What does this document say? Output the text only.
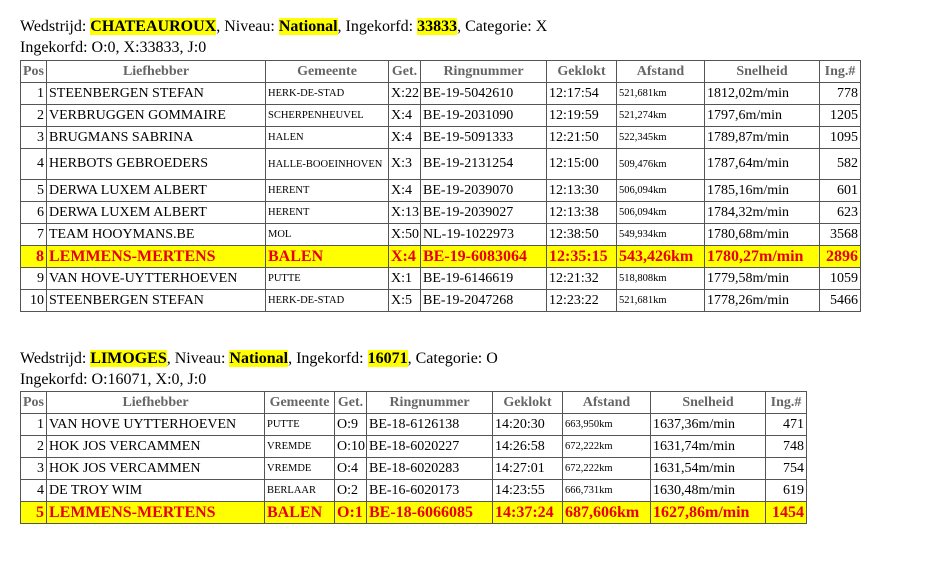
Wedstrijd: CHATEAUROUX, Niveau: National, Ingekorfd: 33833, Categorie: X
Ingekorfd: O:0, X:33833, J:0
Pos	Liefhebber	Gemeente	Get.	Ringnummer	Geklokt	Afstand	Snelheid	Ing.#
1	STEENBERGEN STEFAN	HERK-DE-STAD	X:22	BE-19-5042610	12:17:54	521,681km	1812,02m/min	778
2	VERBRUGGEN GOMMAIRE	SCHERPENHEUVEL	X:4	BE-19-2031090	12:19:59	521,274km	1797,6m/min	1205
3	BRUGMANS SABRINA	HALEN	X:4	BE-19-5091333	12:21:50	522,345km	1789,87m/min	1095
4	HERBOTS GEBROEDERS	HALLE-BOOEINHOVEN	X:3	BE-19-2131254	12:15:00	509,476km	1787,64m/min	582
5	DERWA LUXEM ALBERT	HERENT	X:4	BE-19-2039070	12:13:30	506,094km	1785,16m/min	601
6	DERWA LUXEM ALBERT	HERENT	X:13	BE-19-2039027	12:13:38	506,094km	1784,32m/min	623
7	TEAM HOOYMANS.BE	MOL	X:50	NL-19-1022973	12:38:50	549,934km	1780,68m/min	3568
8	LEMMENS-MERTENS	BALEN	X:4	BE-19-6083064	12:35:15	543,426km	1780,27m/min	2896
9	VAN HOVE-UYTTERHOEVEN	PUTTE	X:1	BE-19-6146619	12:21:32	518,808km	1779,58m/min	1059
10	STEENBERGEN STEFAN	HERK-DE-STAD	X:5	BE-19-2047268	12:23:22	521,681km	1778,26m/min	5466
Wedstrijd: LIMOGES, Niveau: National, Ingekorfd: 16071, Categorie: O
Ingekorfd: O:16071, X:0, J:0
Pos	Liefhebber	Gemeente	Get.	Ringnummer	Geklokt	Afstand	Snelheid	Ing.#
1	VAN HOVE UYTTERHOEVEN	PUTTE	O:9	BE-18-6126138	14:20:30	663,950km	1637,36m/min	471
2	HOK JOS VERCAMMEN	VREMDE	O:10	BE-18-6020227	14:26:58	672,222km	1631,74m/min	748
3	HOK JOS VERCAMMEN	VREMDE	O:4	BE-18-6020283	14:27:01	672,222km	1631,54m/min	754
4	DE TROY WIM	BERLAAR	O:2	BE-16-6020173	14:23:55	666,731km	1630,48m/min	619
5	LEMMENS-MERTENS	BALEN	O:1	BE-18-6066085	14:37:24	687,606km	1627,86m/min	1454
